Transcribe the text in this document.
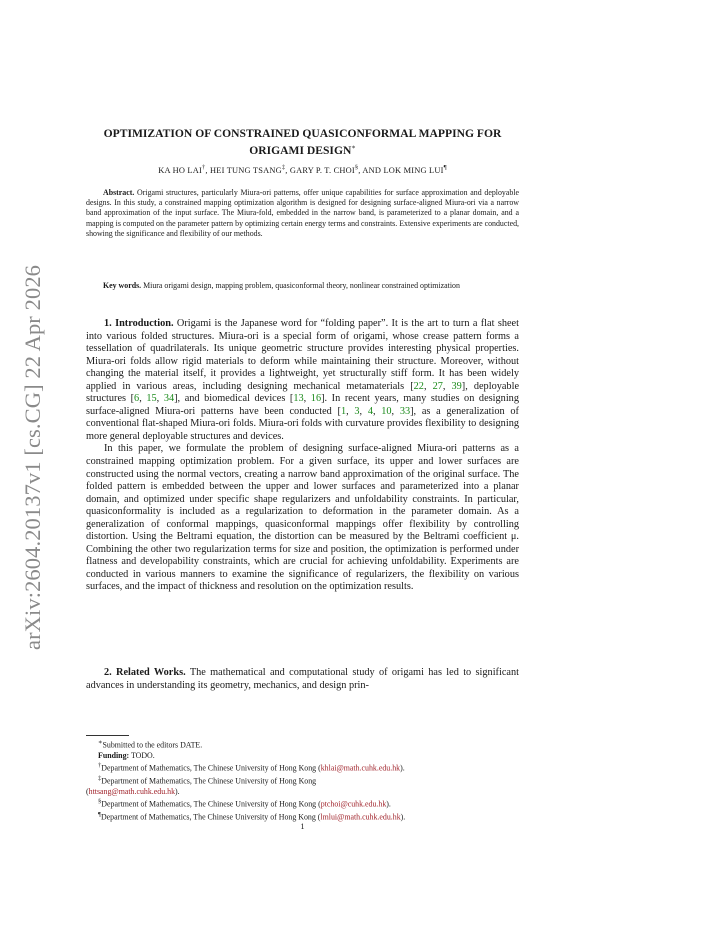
arXiv:2604.20137v1 [cs.CG] 22 Apr 2026
OPTIMIZATION OF CONSTRAINED QUASICONFORMAL MAPPING FOR ORIGAMI DESIGN∗
KA HO LAI†, HEI TUNG TSANG‡, GARY P. T. CHOI§, AND LOK MING LUI¶
Abstract. Origami structures, particularly Miura-ori patterns, offer unique capabilities for surface approximation and deployable designs. In this study, a constrained mapping optimization algorithm is designed for designing surface-aligned Miura-ori via a narrow band approximation of the input surface. The Miura-fold, embedded in the narrow band, is parameterized to a planar domain, and a mapping is computed on the parameter pattern by optimizing certain energy terms and constraints. Extensive experiments are conducted, showing the significance and flexibility of our methods.
Key words. Miura origami design, mapping problem, quasiconformal theory, nonlinear constrained optimization

1. Introduction. Origami is the Japanese word for “folding paper”. It is the art to turn a flat sheet into various folded structures. Miura-ori is a special form of origami, whose crease pattern forms a tessellation of quadrilaterals. Its unique geometric structure provides interesting physical properties. Miura-ori folds allow rigid materials to deform while maintaining their structure. Moreover, without changing the material itself, it provides a lightweight, yet structurally stiff form. It has been widely applied in various areas, including designing mechanical metamaterials [22, 27, 39], deployable structures [6, 15, 34], and biomedical devices [13, 16]. In recent years, many studies on designing surface-aligned Miura-ori patterns have been conducted [1, 3, 4, 10, 33], as a generalization of conventional flat-shaped Miura-ori folds. Miura-ori folds with curvature provides flexibility to designing more general deployable structures and devices.

In this paper, we formulate the problem of designing surface-aligned Miura-ori patterns as a constrained mapping optimization problem. For a given surface, its upper and lower surfaces are constructed using the normal vectors, creating a narrow band approximation of the original surface. The folded pattern is embedded between the upper and lower surfaces and parameterized into a planar domain, and optimized under specific shape regularizers and unfoldability constraints. In particular, quasiconformality is included as a regularization to deformation in the parameter domain. As a generalization of conformal mappings, quasiconformal mappings offer flexibility by controlling distortion. Using the Beltrami equation, the distortion can be measured by the Beltrami coefficient μ. Combining the other two regularization terms for size and position, the optimization is performed under flatness and developability constraints, which are crucial for achieving unfoldability. Experiments are conducted in various manners to examine the significance of regularizers, the flexibility on various surfaces, and the impact of thickness and resolution on the optimization results.

2. Related Works. The mathematical and computational study of origami has led to significant advances in understanding its geometry, mechanics, and design prin-

∗Submitted to the editors DATE.
Funding: TODO.
†Department of Mathematics, The Chinese University of Hong Kong (khlai@math.cuhk.edu.hk).
‡Department of Mathematics, The Chinese University of Hong Kong
(httsang@math.cuhk.edu.hk).
§Department of Mathematics, The Chinese University of Hong Kong (ptchoi@cuhk.edu.hk).
¶Department of Mathematics, The Chinese University of Hong Kong (lmlui@math.cuhk.edu.hk).
1
